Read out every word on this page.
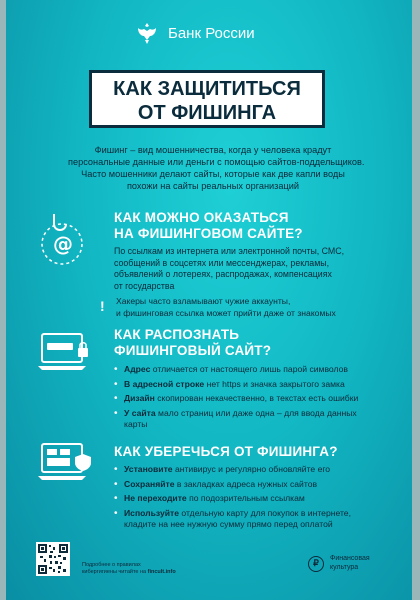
Банк России
КАК ЗАЩИТИТЬСЯ
ОТ ФИШИНГА
Фишинг – вид мошенничества, когда у человека крадут
персональные данные или деньги с помощью сайтов-поддельщиков.
Часто мошенники делают сайты, которые как две капли воды
похожи на сайты реальных организаций
@
КАК МОЖНО ОКАЗАТЬСЯ
НА ФИШИНГОВОМ САЙТЕ?
По ссылкам из интернета или электронной почты, СМС,
сообщений в соцсетях или мессенджерах, рекламы,
объявлений о лотереях, распродажах, компенсациях
от государства
! Хакеры часто взламывают чужие аккаунты,
и фишинговая ссылка может прийти даже от знакомых
КАК РАСПОЗНАТЬ
ФИШИНГОВЫЙ САЙТ?
• Адрес отличается от настоящего лишь парой символов
• В адресной строке нет https и значка закрытого замка
• Дизайн скопирован некачественно, в текстах есть ошибки
• У сайта мало страниц или даже одна – для ввода данных
карты
КАК УБЕРЕЧЬСЯ ОТ ФИШИНГА?
• Установите антивирус и регулярно обновляйте его
• Сохраняйте в закладках адреса нужных сайтов
• Не переходите по подозрительным ссылкам
• Используйте отдельную карту для покупок в интернете,
кладите на нее нужную сумму прямо перед оплатой
Подробнее о правилах
кибергигиены читайте на fincult.info
₽	Финансовая
культура
